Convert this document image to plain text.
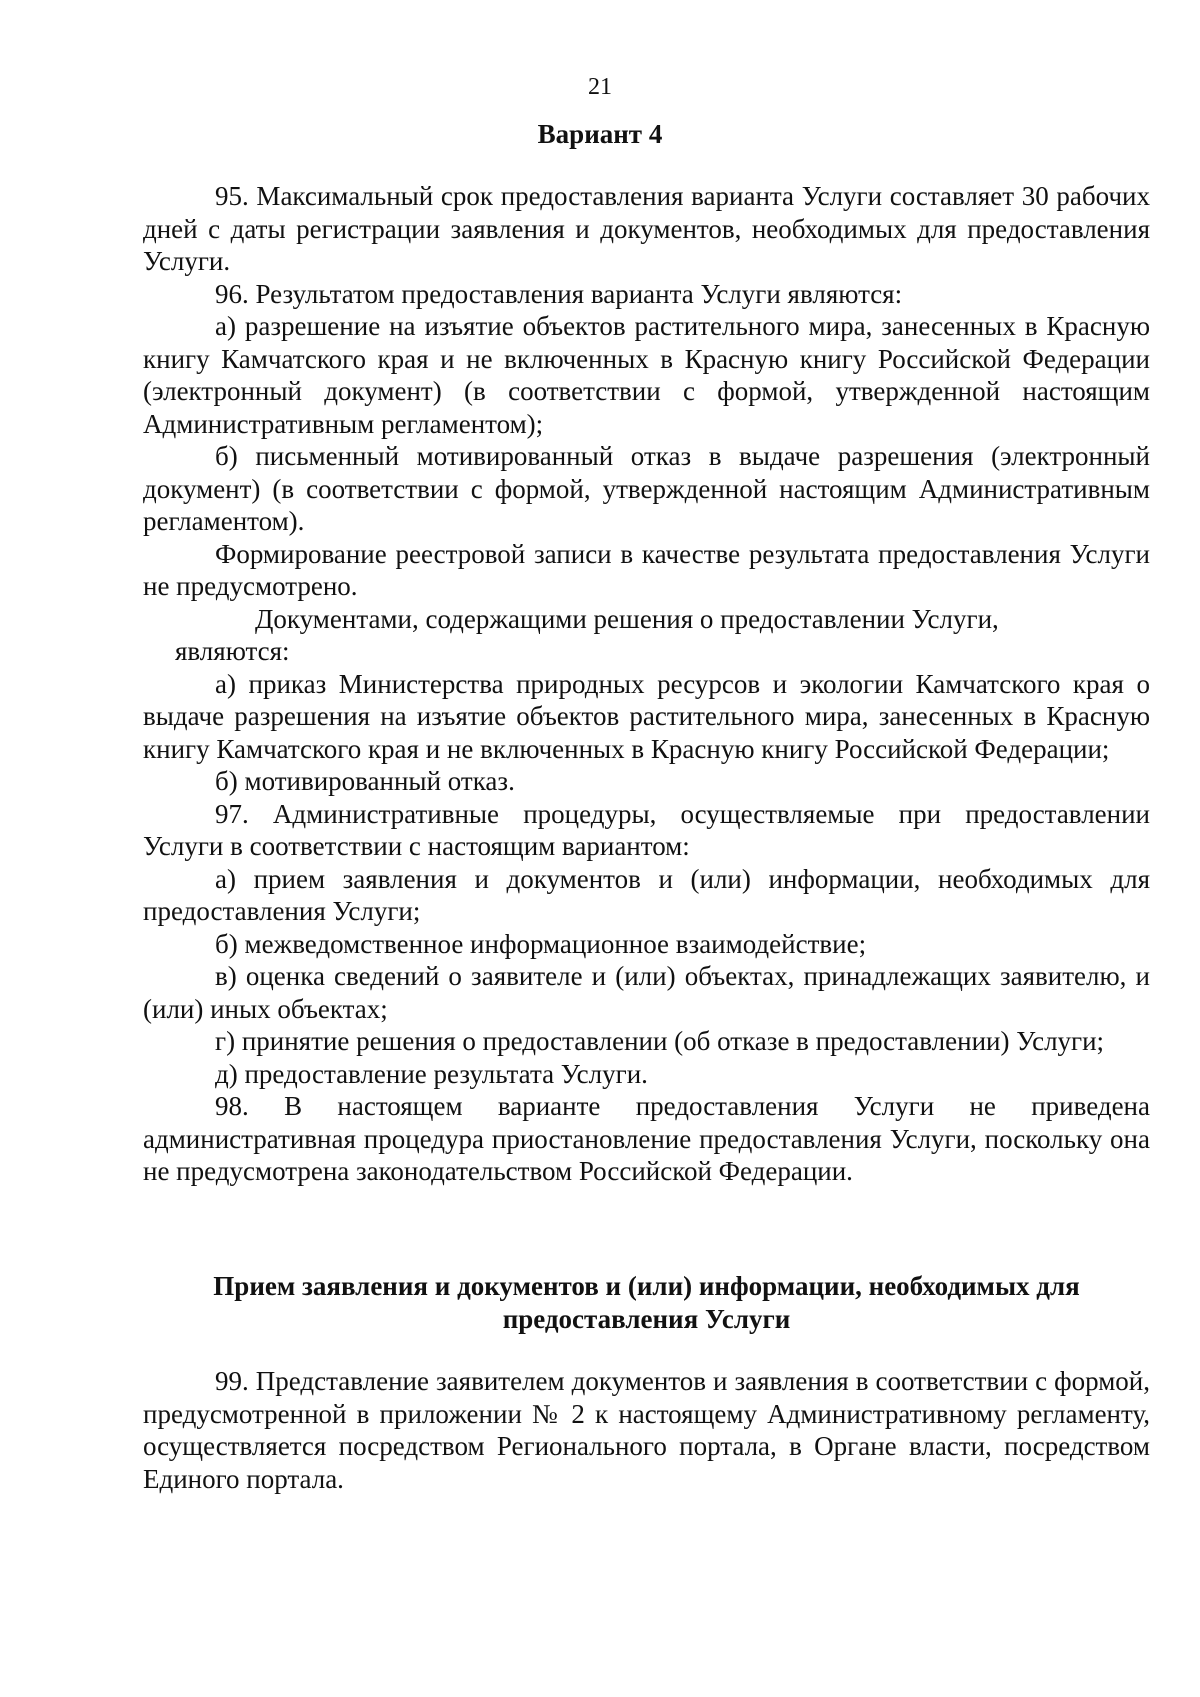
21
Вариант 4

95. Максимальный срок предоставления варианта Услуги составляет 30 рабочих дней с даты регистрации заявления и документов, необходимых для предоставления Услуги.

96. Результатом предоставления варианта Услуги являются:

а) разрешение на изъятие объектов растительного мира, занесенных в Красную книгу Камчатского края и не включенных в Красную книгу Российской Федерации (электронный документ) (в соответствии с формой, утвержденной настоящим Административным регламентом);

б) письменный мотивированный отказ в выдаче разрешения (электронный документ) (в соответствии с формой, утвержденной настоящим Административным регламентом).

Формирование реестровой записи в качестве результата предоставления Услуги не предусмотрено.

Документами, содержащими решения о предоставлении Услуги,

являются:

а) приказ Министерства природных ресурсов и экологии Камчатского края о выдаче разрешения на изъятие объектов растительного мира, занесенных в Красную книгу Камчатского края и не включенных в Красную книгу Российской Федерации;

б) мотивированный отказ.

97. Административные процедуры, осуществляемые при предоставлении Услуги в соответствии с настоящим вариантом:

а) прием заявления и документов и (или) информации, необходимых для предоставления Услуги;

б) межведомственное информационное взаимодействие;

в) оценка сведений о заявителе и (или) объектах, принадлежащих заявителю, и (или) иных объектах;

г) принятие решения о предоставлении (об отказе в предоставлении) Услуги;

д) предоставление результата Услуги.

98. В настоящем варианте предоставления Услуги не приведена административная процедура приостановление предоставления Услуги, поскольку она не предусмотрена законодательством Российской Федерации.

Прием заявления и документов и (или) информации, необходимых для
предоставления Услуги

99. Представление заявителем документов и заявления в соответствии с формой, предусмотренной в приложении № 2 к настоящему Административному регламенту, осуществляется посредством Регионального портала, в Органе власти, посредством Единого портала.
